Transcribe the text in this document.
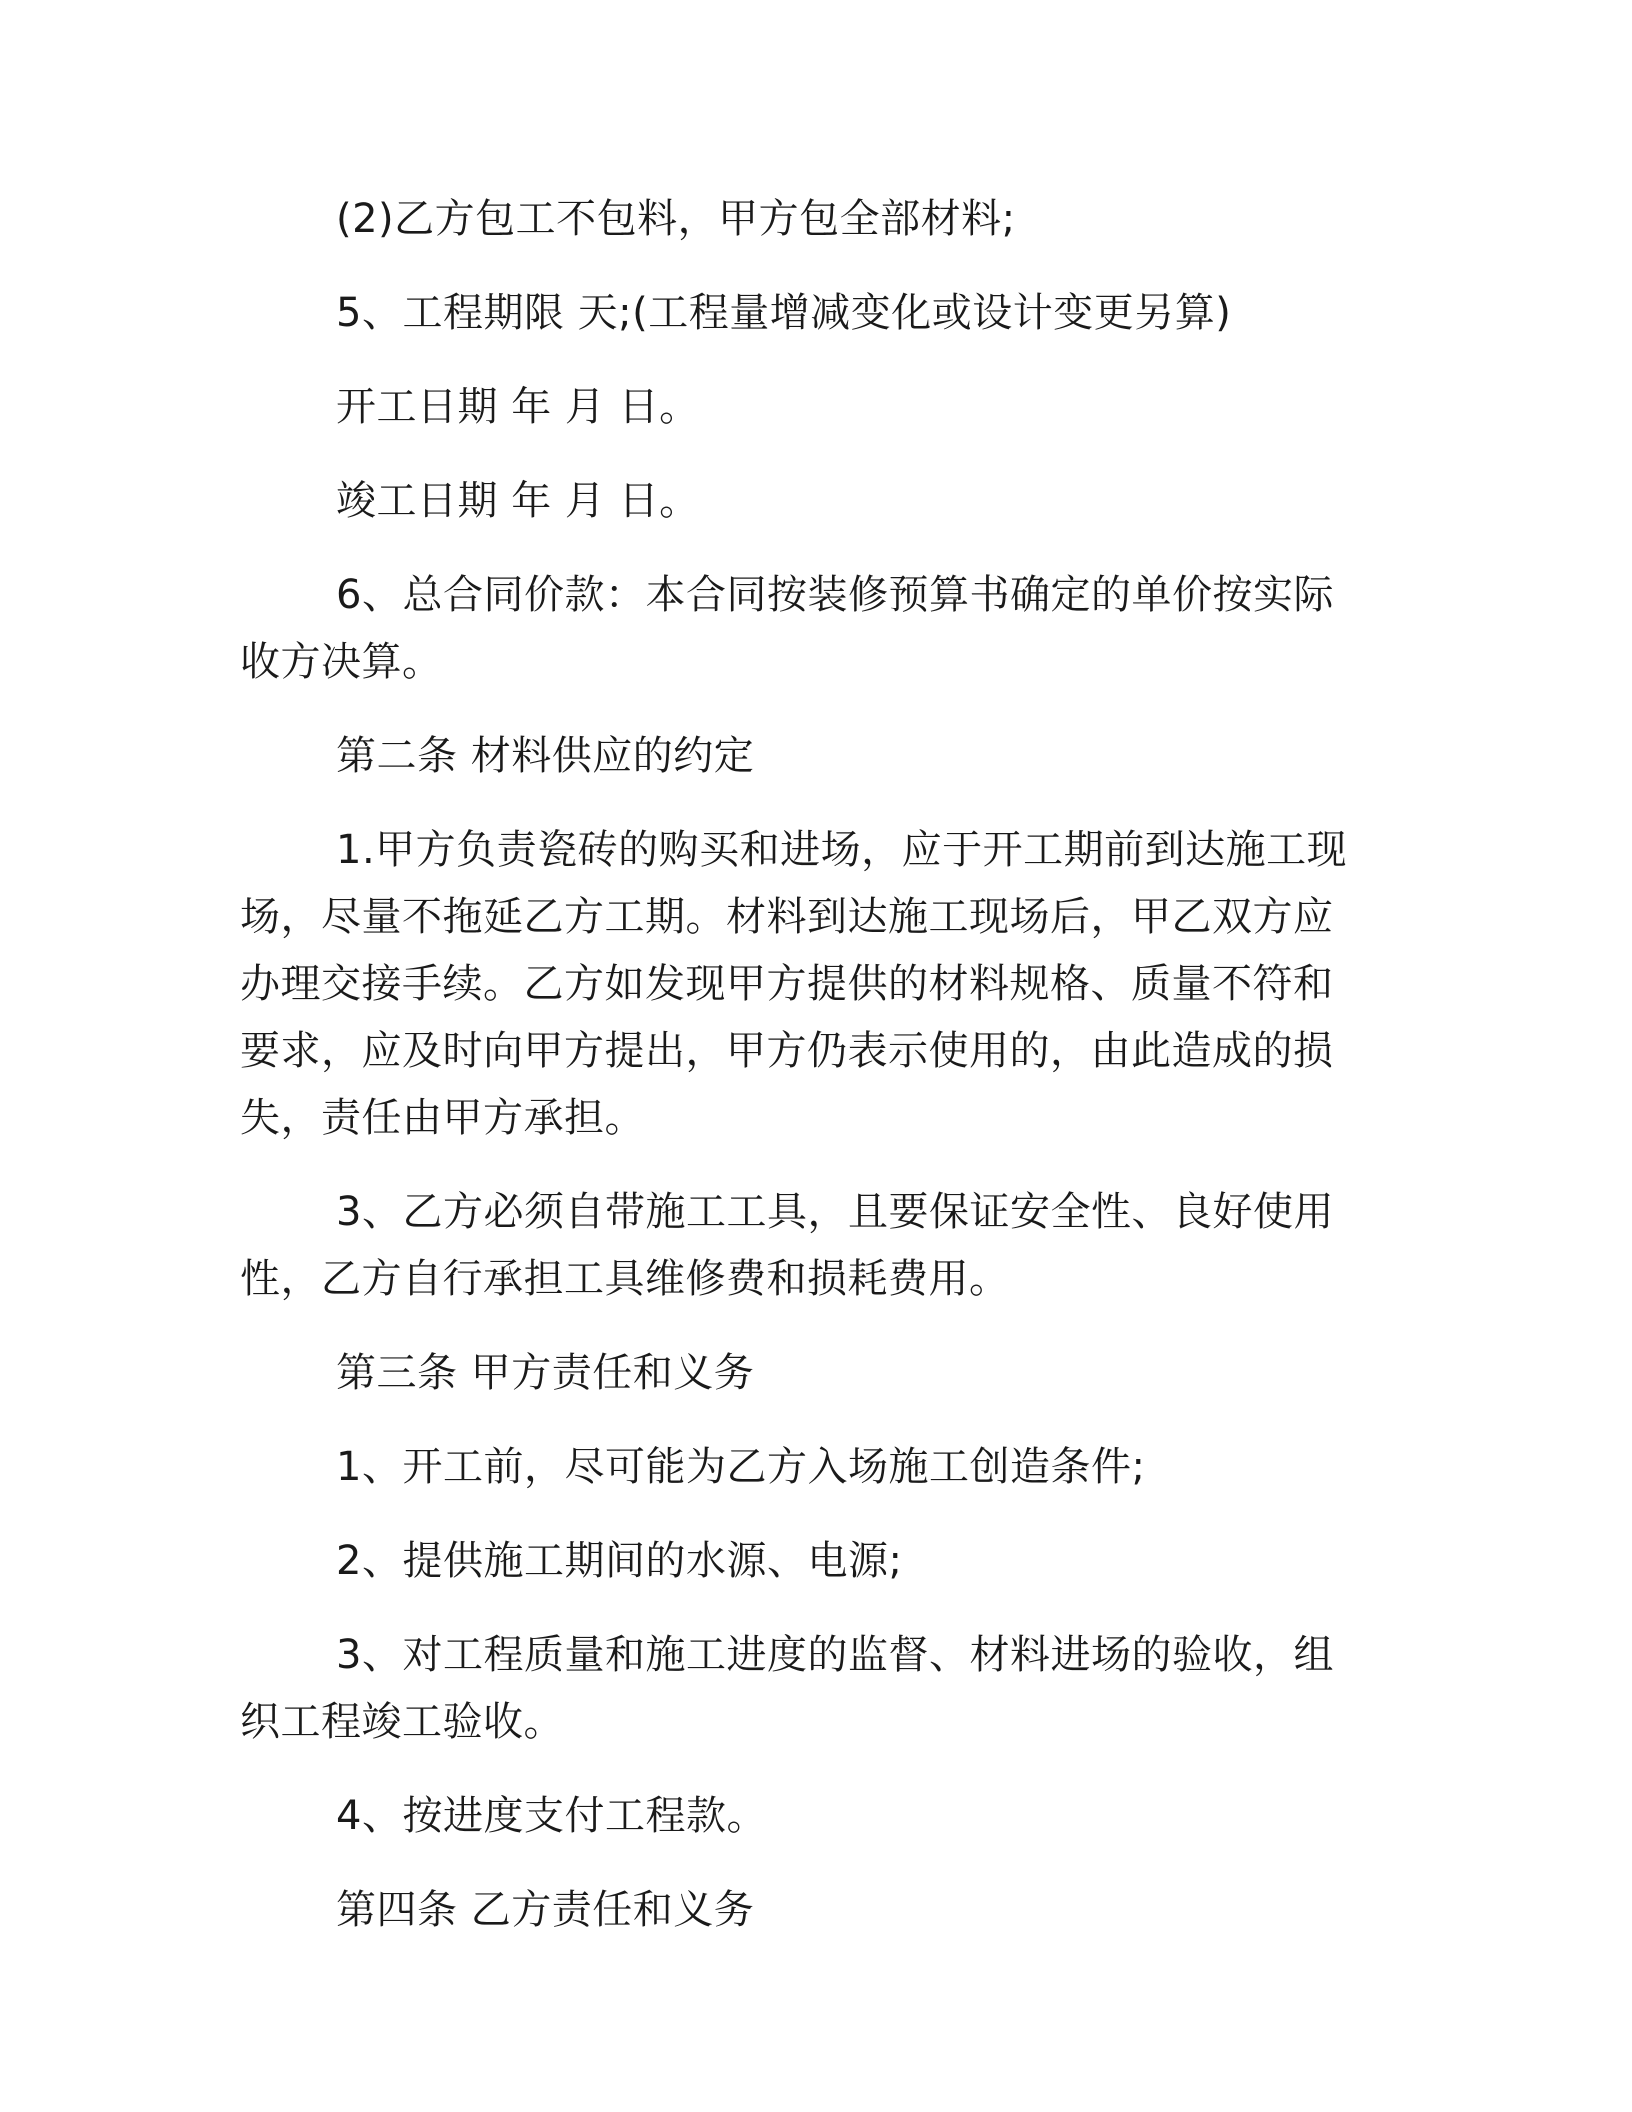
(2)乙方包工不包料，甲方包全部材料;

5、工程期限 天;(工程量增减变化或设计变更另算)

开工日期 年 月 日。

竣工日期 年 月 日。

6、总合同价款：本合同按装修预算书确定的单价按实际收方决算。

第二条 材料供应的约定

1.甲方负责瓷砖的购买和进场，应于开工期前到达施工现场，尽量不拖延乙方工期。材料到达施工现场后，甲乙双方应办理交接手续。乙方如发现甲方提供的材料规格、质量不符和要求，应及时向甲方提出，甲方仍表示使用的，由此造成的损失，责任由甲方承担。

3、乙方必须自带施工工具，且要保证安全性、良好使用性，乙方自行承担工具维修费和损耗费用。

第三条 甲方责任和义务

1、开工前，尽可能为乙方入场施工创造条件;

2、提供施工期间的水源、电源;

3、对工程质量和施工进度的监督、材料进场的验收，组织工程竣工验收。

4、按进度支付工程款。

第四条 乙方责任和义务
